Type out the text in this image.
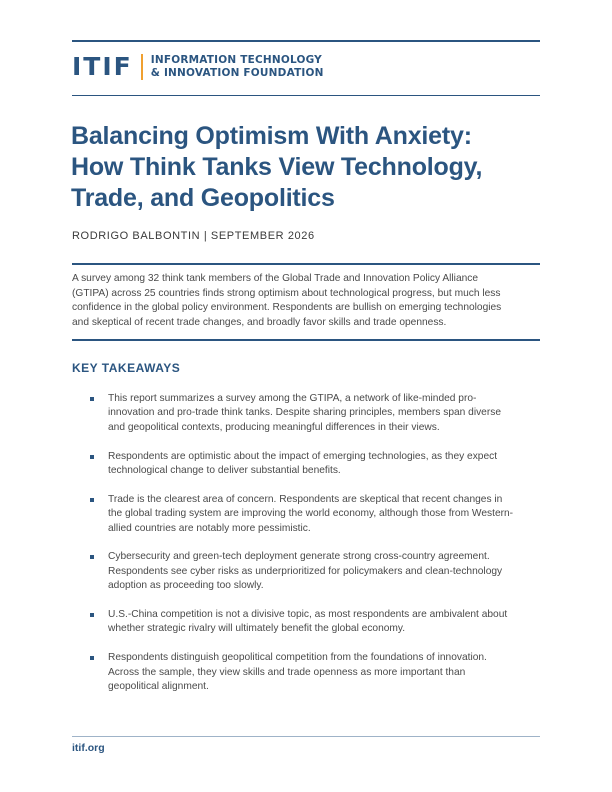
ITIF INFORMATION TECHNOLOGY
& INNOVATION FOUNDATION
Balancing Optimism With Anxiety:
How Think Tanks View Technology,
Trade, and Geopolitics
RODRIGO BALBONTIN | SEPTEMBER 2026
A survey among 32 think tank members of the Global Trade and Innovation Policy Alliance
(GTIPA) across 25 countries finds strong optimism about technological progress, but much less
confidence in the global policy environment. Respondents are bullish on emerging technologies
and skeptical of recent trade changes, and broadly favor skills and trade openness.
KEY TAKEAWAYS
This report summarizes a survey among the GTIPA, a network of like-minded pro-
innovation and pro-trade think tanks. Despite sharing principles, members span diverse
and geopolitical contexts, producing meaningful differences in their views.
Respondents are optimistic about the impact of emerging technologies, as they expect
technological change to deliver substantial benefits.
Trade is the clearest area of concern. Respondents are skeptical that recent changes in
the global trading system are improving the world economy, although those from Western-
allied countries are notably more pessimistic.
Cybersecurity and green-tech deployment generate strong cross-country agreement.
Respondents see cyber risks as underprioritized for policymakers and clean-technology
adoption as proceeding too slowly.
U.S.-China competition is not a divisive topic, as most respondents are ambivalent about
whether strategic rivalry will ultimately benefit the global economy.
Respondents distinguish geopolitical competition from the foundations of innovation.
Across the sample, they view skills and trade openness as more important than
geopolitical alignment.
itif.org
